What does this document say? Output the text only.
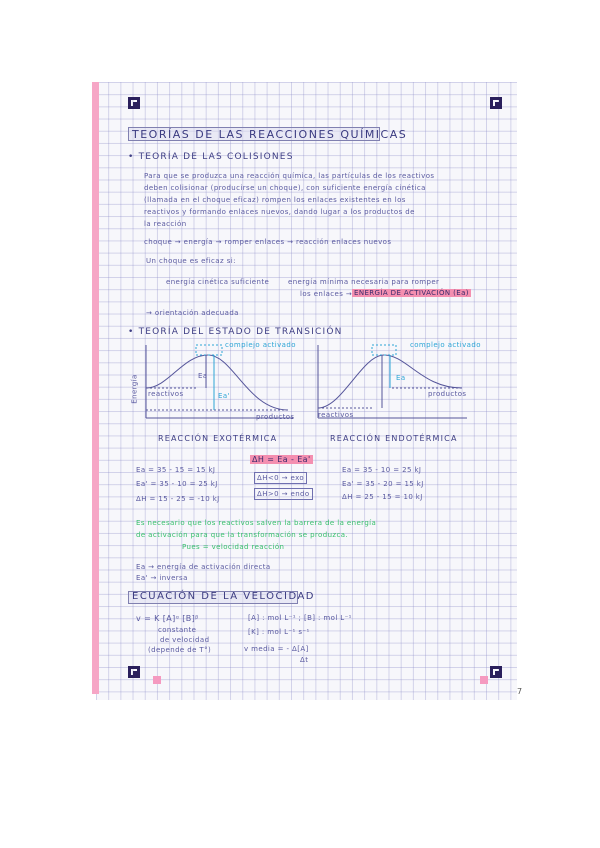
TEORÍAS DE LAS REACCIONES QUÍMICAS
• TEORÍA DE LAS COLISIONES
Para que se produzca una reacción química, las partículas de los reactivos
deben colisionar (producirse un choque), con suficiente energía cinética
(llamada en el choque eficaz) rompen los enlaces existentes en los
reactivos y formando enlaces nuevos, dando lugar a los productos de
la reacción
choque → energía → romper enlaces → reacción enlaces nuevos
Un choque es eficaz si:
energía cinética suficiente	energía mínima necesaria para romper
los enlaces → ENERGÍA DE ACTIVACIÓN (Ea)
→ orientación adecuada
• TEORÍA DEL ESTADO DE TRANSICIÓN
complejo activado
Energía reactivos
productos
Ea
Ea'
REACCIÓN EXOTÉRMICA
complejo activado
reactivos
productos
Ea
REACCIÓN ENDOTÉRMICA
ΔH = Ea - Ea'
ΔH<0 → exo
ΔH>0 → endo
Ea = 35 - 15 = 15 kJ
Ea' = 35 - 10 = 25 kJ
ΔH = 15 - 25 = -10 kJ
Ea = 35 - 10 = 25 kJ
Ea' = 35 - 20 = 15 kJ
ΔH = 25 - 15 = 10 kJ
Es necesario que los reactivos salven la barrera de la energía
de activación para que la transformación se produzca.
Pues = velocidad reacción
Ea → energía de activación directa
Ea' → inversa
ECUACIÓN DE LA VELOCIDAD
v = K [A]ᵅ [B]ᵝ
constante
de velocidad
(depende de T°)
[A] : mol L⁻¹ ; [B] : mol L⁻¹
[K] : mol L⁻¹ s⁻¹
v media = - Δ[A]
Δt
7
